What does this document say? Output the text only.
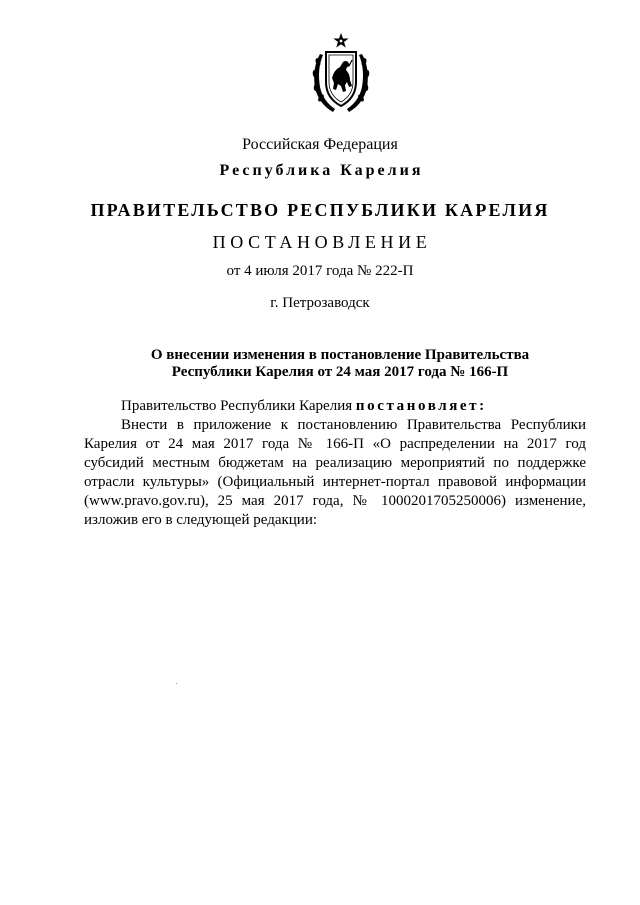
Российская Федерация
Республика Карелия
ПРАВИТЕЛЬСТВО РЕСПУБЛИКИ КАРЕЛИЯ
ПОСТАНОВЛЕНИЕ
от 4 июля 2017 года № 222-П
г. Петрозаводск
О внесении изменения в постановление Правительства
Республики Карелия от 24 мая 2017 года № 166-П
Правительство Республики Карелия постановляет:
Внести в приложение к постановлению Правительства Республики
Карелия от 24 мая 2017 года № 166-П «О распределении на 2017 год
субсидий местным бюджетам на реализацию мероприятий по поддержке
отрасли культуры» (Официальный интернет-портал правовой информации
(www.pravo.gov.ru), 25 мая 2017 года, № 1000201705250006) изменение,
изложив его в следующей редакции:
